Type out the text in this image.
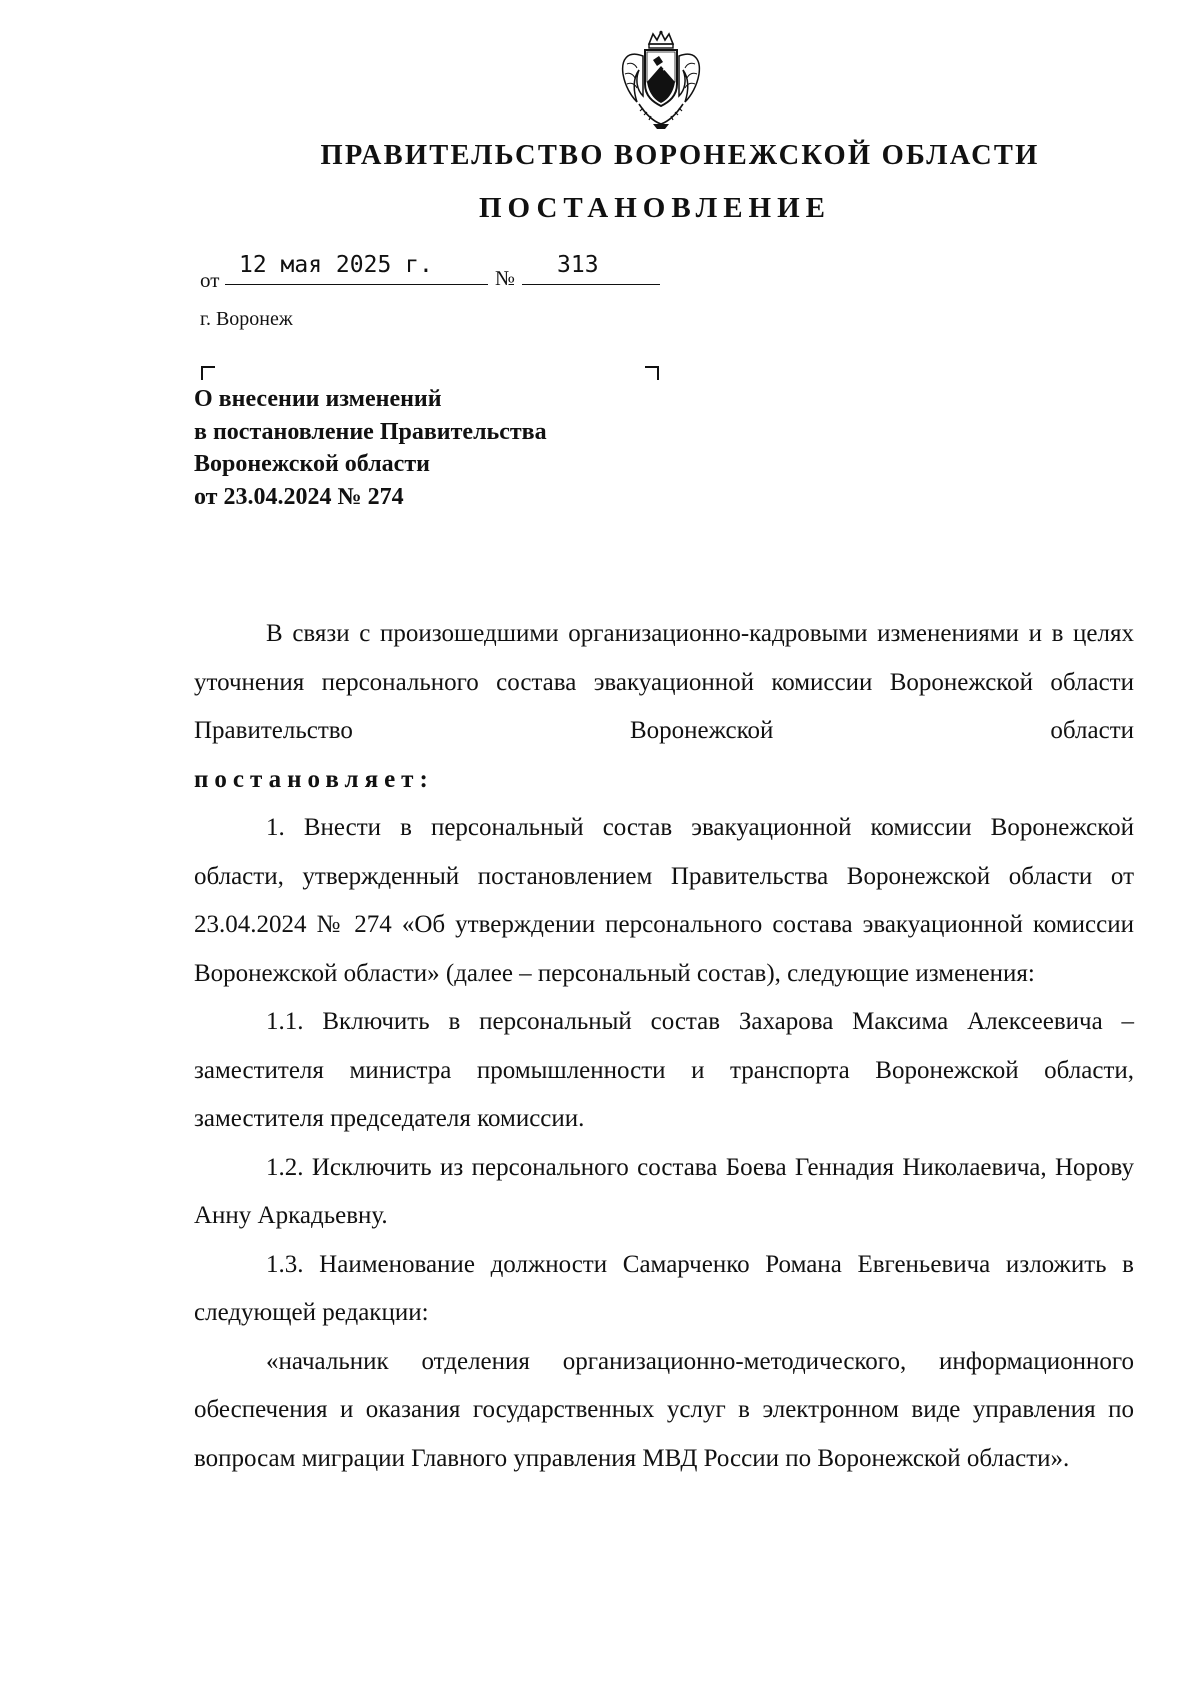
ПРАВИТЕЛЬСТВО ВОРОНЕЖСКОЙ ОБЛАСТИ
ПОСТАНОВЛЕНИЕ
от
12 мая 2025 г.	№ 313
г. Воронеж
О внесении изменений
в постановление Правительства
Воронежской области
от 23.04.2024 № 274

В связи с произошедшими организационно-кадровыми изменениями и в целях уточнения персонального состава эвакуационной комиссии Воронежской области Правительство Воронежской области

постановляет:

1. Внести в персональный состав эвакуационной комиссии Воронежской области, утвержденный постановлением Правительства Воронежской области от 23.04.2024 № 274 «Об утверждении персонального состава эвакуационной комиссии Воронежской области» (далее – персональный состав), следующие изменения:

1.1. Включить в персональный состав Захарова Максима Алексеевича – заместителя министра промышленности и транспорта Воронежской области, заместителя председателя комиссии.

1.2. Исключить из персонального состава Боева Геннадия Николаевича, Норову Анну Аркадьевну.

1.3. Наименование должности Самарченко Романа Евгеньевича изложить в следующей редакции:

«начальник отделения организационно-методического, информационного обеспечения и оказания государственных услуг в электронном виде управления по вопросам миграции Главного управления МВД России по Воронежской области».
